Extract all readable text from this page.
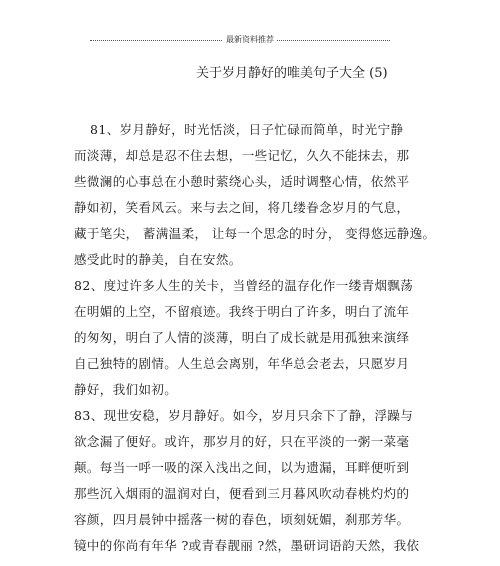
最新资料推荐
关于岁月静好的唯美句子大全 (5)
81、岁月静好，时光恬淡，日子忙碌而简单，时光宁静
而淡薄，却总是忍不住去想，一些记忆，久久不能抹去，那
些微澜的心事总在小憩时萦绕心头，适时调整心情，依然平
静如初，笑看风云。来与去之间，将几缕眷念岁月的气息，
藏于笔尖， 蓄满温柔， 让每一个思念的时分， 变得悠远静逸。
感受此时的静美，自在安然。
82、度过许多人生的关卡，当曾经的温存化作一缕青烟飘荡
在明媚的上空，不留痕迹。我终于明白了许多，明白了流年
的匆匆，明白了人情的淡薄，明白了成长就是用孤独来演绎
自己独特的剧情。人生总会离别，年华总会老去，只愿岁月
静好，我们如初。
83、现世安稳，岁月静好。如今，岁月只余下了静，浮躁与
欲念漏了便好。或许，那岁月的好，只在平淡的一粥一菜毫
颠。每当一呼一吸的深入浅出之间，以为遗漏，耳畔便听到
那些沉入烟雨的温润对白，便看到三月暮风吹动春桃灼灼的
容颜，四月晨钟中摇落一树的春色，顷刻妩媚，刹那芳华。
镜中的你尚有年华 ?或青春靓丽 ?然，墨研词语韵天然，我依
